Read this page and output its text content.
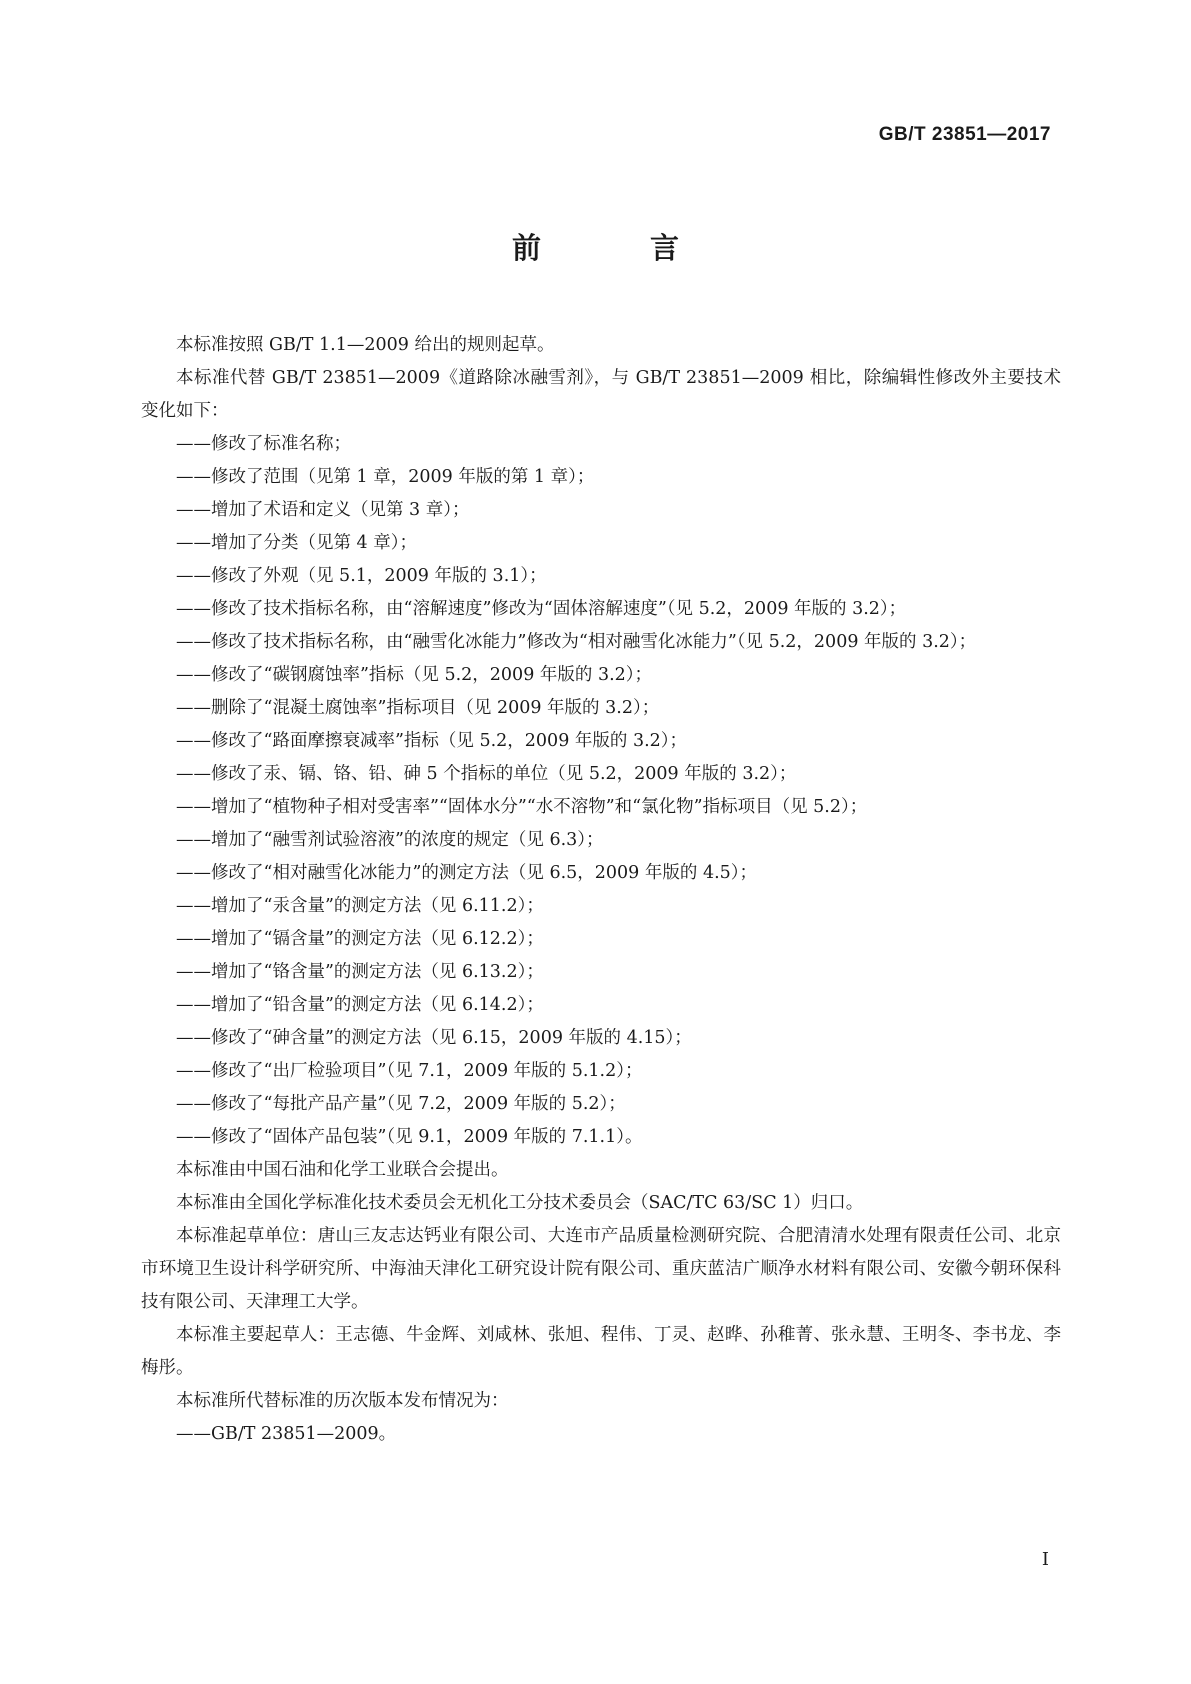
GB/T 23851—2017
前　言

本标准按照 GB/T 1.1—2009 给出的规则起草。

本标准代替 GB/T 23851—2009《道路除冰融雪剂》，与 GB/T 23851—2009 相比，除编辑性修改外主要技术变化如下：

——修改了标准名称；

——修改了范围（见第 1 章，2009 年版的第 1 章）；

——增加了术语和定义（见第 3 章）；

——增加了分类（见第 4 章）；

——修改了外观（见 5.1，2009 年版的 3.1）；

——修改了技术指标名称，由“溶解速度”修改为“固体溶解速度”（见 5.2，2009 年版的 3.2）；

——修改了技术指标名称，由“融雪化冰能力”修改为“相对融雪化冰能力”（见 5.2，2009 年版的 3.2）；

——修改了“碳钢腐蚀率”指标（见 5.2，2009 年版的 3.2）；

——删除了“混凝土腐蚀率”指标项目（见 2009 年版的 3.2）；

——修改了“路面摩擦衰减率”指标（见 5.2，2009 年版的 3.2）；

——修改了汞、镉、铬、铅、砷 5 个指标的单位（见 5.2，2009 年版的 3.2）；

——增加了“植物种子相对受害率”“固体水分”“水不溶物”和“氯化物”指标项目（见 5.2）；

——增加了“融雪剂试验溶液”的浓度的规定（见 6.3）；

——修改了“相对融雪化冰能力”的测定方法（见 6.5，2009 年版的 4.5）；

——增加了“汞含量”的测定方法（见 6.11.2）；

——增加了“镉含量”的测定方法（见 6.12.2）；

——增加了“铬含量”的测定方法（见 6.13.2）；

——增加了“铅含量”的测定方法（见 6.14.2）；

——修改了“砷含量”的测定方法（见 6.15，2009 年版的 4.15）；

——修改了“出厂检验项目”（见 7.1，2009 年版的 5.1.2）；

——修改了“每批产品产量”（见 7.2，2009 年版的 5.2）；

——修改了“固体产品包装”（见 9.1，2009 年版的 7.1.1）。

本标准由中国石油和化学工业联合会提出。

本标准由全国化学标准化技术委员会无机化工分技术委员会（SAC/TC 63/SC 1）归口。

本标准起草单位：唐山三友志达钙业有限公司、大连市产品质量检测研究院、合肥清清水处理有限责任公司、北京市环境卫生设计科学研究所、中海油天津化工研究设计院有限公司、重庆蓝洁广顺净水材料有限公司、安徽今朝环保科技有限公司、天津理工大学。

本标准主要起草人：王志德、牛金辉、刘咸林、张旭、程伟、丁灵、赵晔、孙稚菁、张永慧、王明冬、李书龙、李梅彤。

本标准所代替标准的历次版本发布情况为：

——GB/T 23851—2009。

I
